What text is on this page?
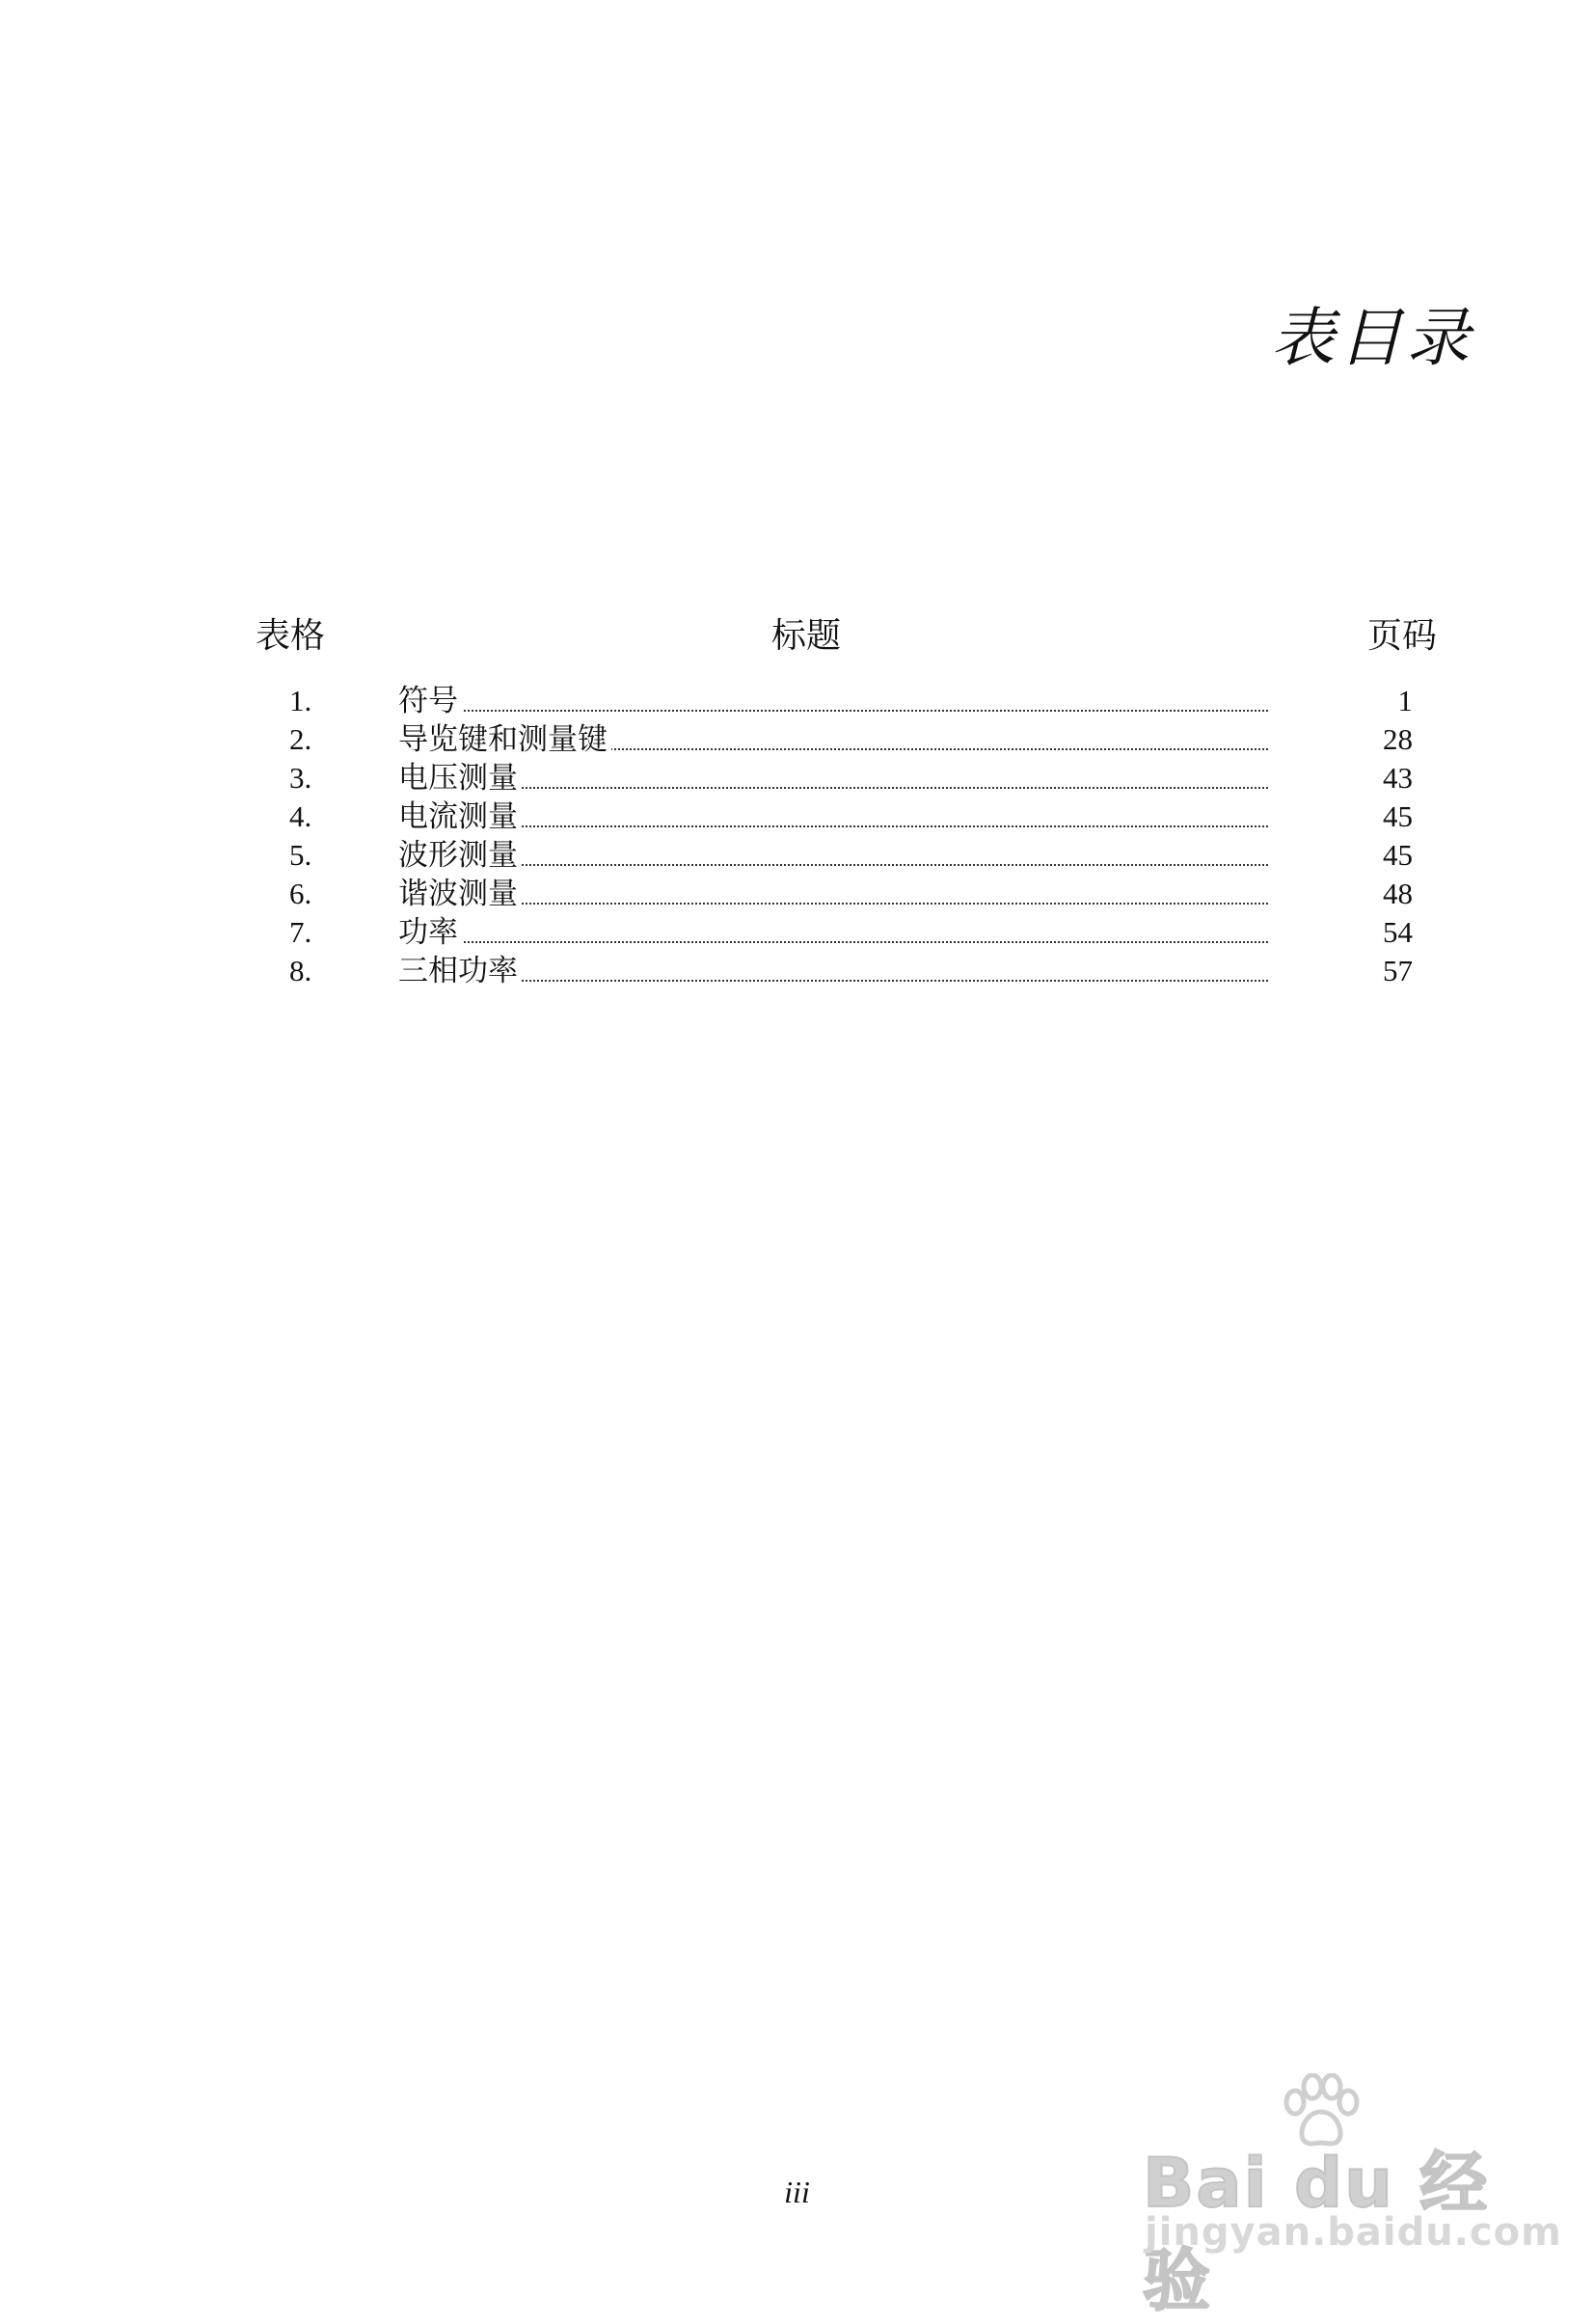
表目录
表格	标题	页码
1.	符号	1
2.	导览键和测量键	28
3.	电压测量	43
4.	电流测量	45
5.	波形测量	45
6.	谐波测量	48
7.	功率	54
8.	三相功率	57
iii	Bai du 经验
jingyan.baidu.com
